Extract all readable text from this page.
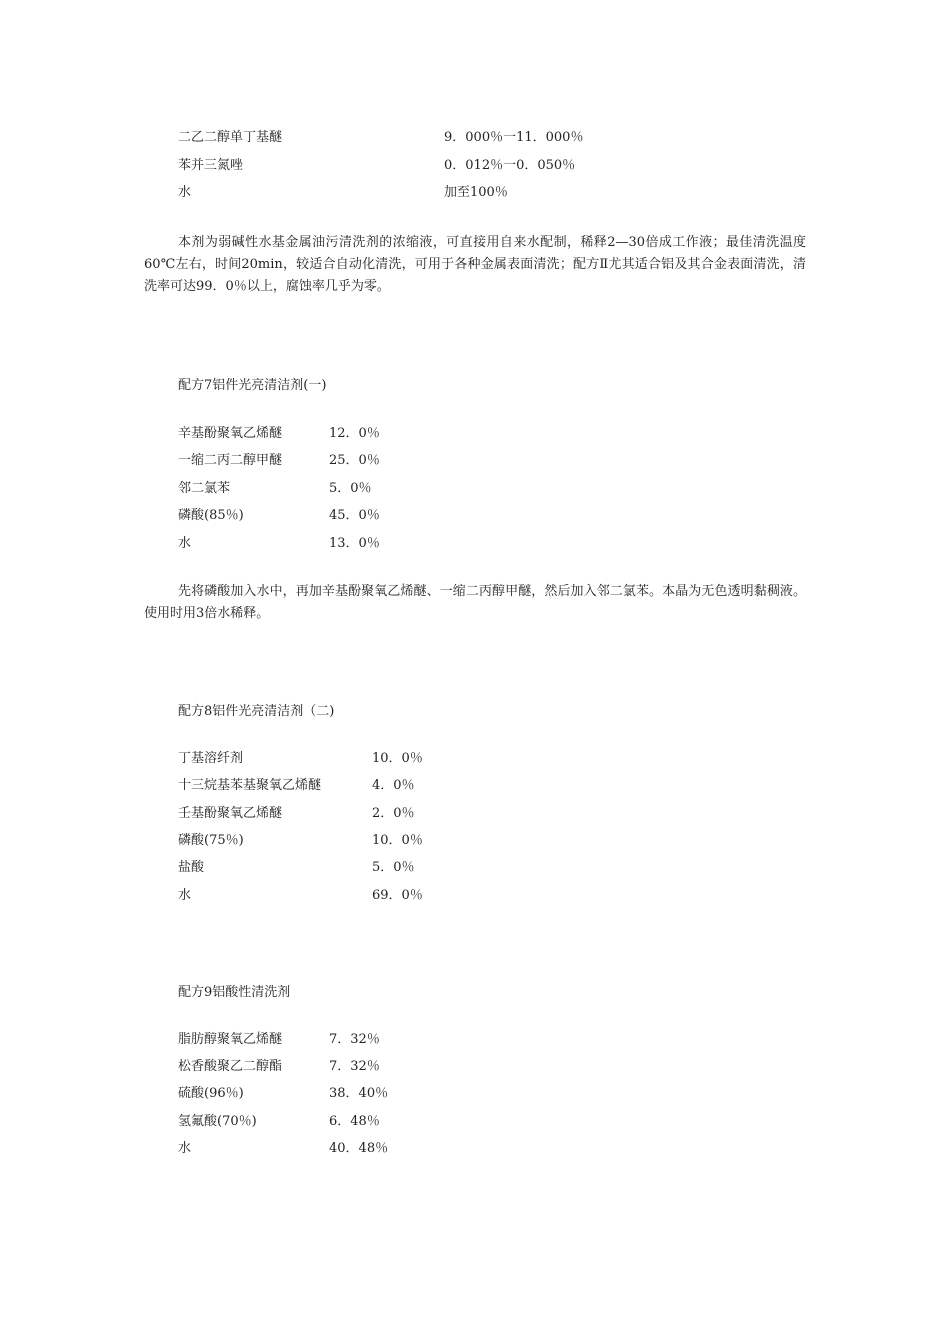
二乙二醇单丁基醚	9．000％一11．000％
苯并三氮唑	0．012％一0．050％
水	加至100％
本剂为弱碱性水基金属油污清洗剂的浓缩液，可直接用自来水配制，稀释2—30倍成工作液；最佳清洗温度60℃左右，时间20min，较适合自动化清洗，可用于各种金属表面清洗；配方Ⅱ尤其适合铝及其合金表面清洗，清洗率可达99．0％以上，腐蚀率几乎为零。
配方7铝件光亮清洁剂(一)
辛基酚聚氧乙烯醚	12．0％
一缩二丙二醇甲醚	25．0％
邻二氯苯	5．0％
磷酸(85％)	45．0％
水	13．0％
先将磷酸加入水中，再加辛基酚聚氧乙烯醚、一缩二丙醇甲醚，然后加入邻二氯苯。本晶为无色透明黏稠液。使用时用3倍水稀释。
配方8铝件光亮清洁剂（二)
丁基溶纤剂	10．0％
十三烷基苯基聚氧乙烯醚	4．0％
壬基酚聚氧乙烯醚	2．0％
磷酸(75％)	10．0％
盐酸	5．0％
水	69．0％
配方9铝酸性清洗剂
脂肪醇聚氧乙烯醚	7．32％
松香酸聚乙二醇酯	7．32％
硫酸(96％)	38．40％
氢氟酸(70％)	6．48％
水	40．48％
